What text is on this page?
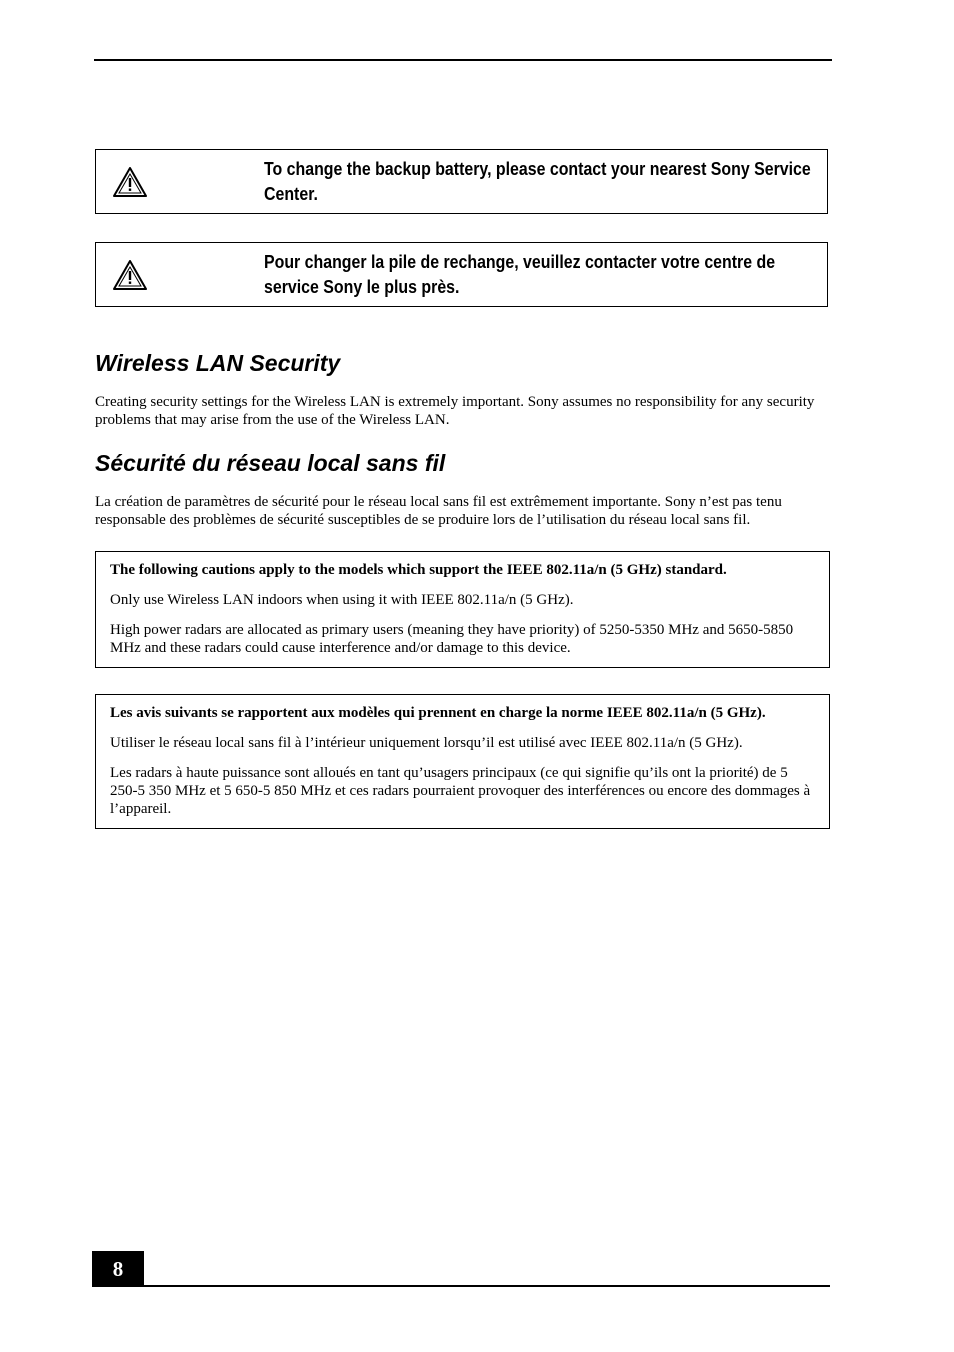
To change the backup battery, please contact your nearest Sony Service Center.
Pour changer la pile de rechange, veuillez contacter votre centre de service Sony le plus près.
Wireless LAN Security

Creating security settings for the Wireless LAN is extremely important. Sony assumes no responsibility for any security problems that may arise from the use of the Wireless LAN.

Sécurité du réseau local sans fil

La création de paramètres de sécurité pour le réseau local sans fil est extrêmement importante. Sony n’est pas tenu responsable des problèmes de sécurité susceptibles de se produire lors de l’utilisation du réseau local sans fil.

The following cautions apply to the models which support the IEEE 802.11a/n (5 GHz) standard.

Only use Wireless LAN indoors when using it with IEEE 802.11a/n (5 GHz).

High power radars are allocated as primary users (meaning they have priority) of 5250-5350 MHz and 5650-5850 MHz and these radars could cause interference and/or damage to this device.

Les avis suivants se rapportent aux modèles qui prennent en charge la norme IEEE 802.11a/n (5 GHz).

Utiliser le réseau local sans fil à l’intérieur uniquement lorsqu’il est utilisé avec IEEE 802.11a/n (5 GHz).

Les radars à haute puissance sont alloués en tant qu’usagers principaux (ce qui signifie qu’ils ont la priorité) de 5 250-5 350 MHz et 5 650-5 850 MHz et ces radars pourraient provoquer des interférences ou encore des dommages à l’appareil.

8
